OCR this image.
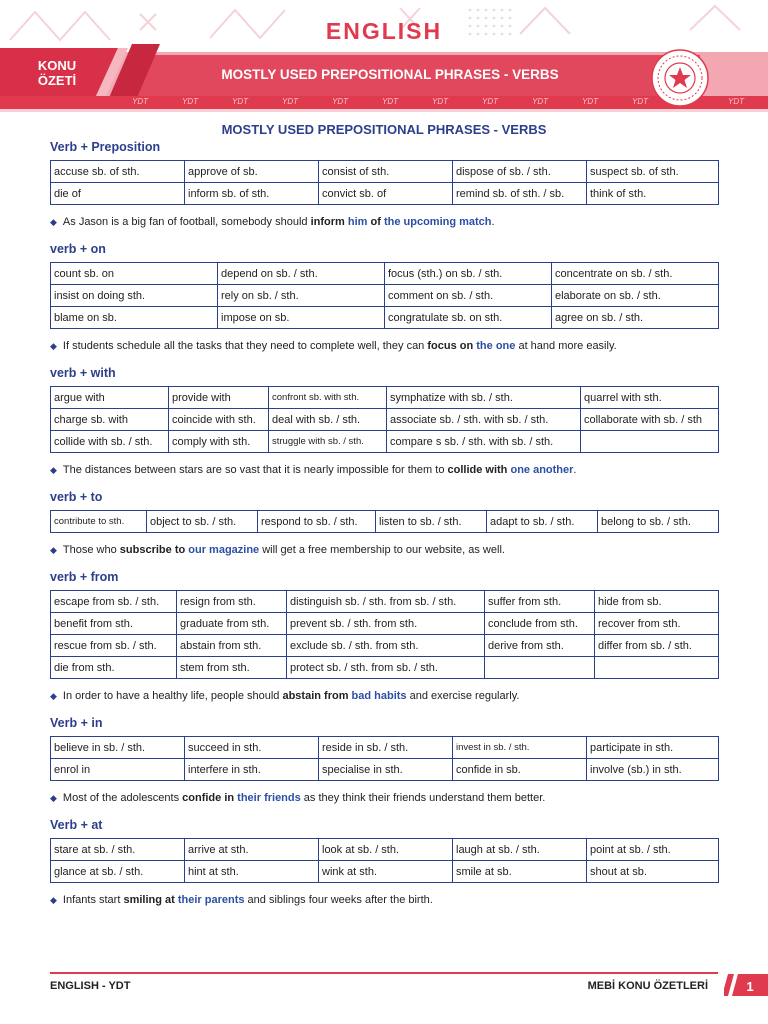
ENGLISH
KONU
ÖZETİ	MOSTLY USED PREPOSITIONAL PHRASES - VERBS
YDT	YDT	YDT	YDT	YDT	YDT	YDT	YDT	YDT	YDT	YDT	YDT
MOSTLY USED PREPOSITIONAL PHRASES - VERBS
Verb + Preposition
accuse sb. of sth.	approve of sb.	consist of sth.	dispose of sb. / sth.	suspect sb. of sth.
die of	inform sb. of sth.	convict sb. of	remind sb. of sth. / sb.	think of sth.
◆ As Jason is a big fan of football, somebody should inform him of the upcoming match.
verb + on
count sb. on	depend on sb. / sth.	focus (sth.) on sb. / sth.	concentrate on sb. / sth.
insist on doing sth.	rely on sb. / sth.	comment on sb. / sth.	elaborate on sb. / sth.
blame on sb.	impose on sb.	congratulate sb. on sth.	agree on sb. / sth.
◆ If students schedule all the tasks that they need to complete well, they can focus on the one at hand more easily.
verb + with
argue with	provide with	confront sb. with sth.	symphatize with sb. / sth.	quarrel with sth.
charge sb. with	coincide with sth.	deal with sb. / sth.	associate sb. / sth. with sb. / sth.	collaborate with sb. / sth
collide with sb. / sth.	comply with sth.	struggle with sb. / sth.	compare s sb. / sth. with sb. / sth.	
◆ The distances between stars are so vast that it is nearly impossible for them to collide with one another.
verb + to
contribute to sth.	object to sb. / sth.	respond to sb. / sth.	listen to sb. / sth.	adapt to sb. / sth.	belong to sb. / sth.
◆ Those who subscribe to our magazine will get a free membership to our website, as well.
verb + from
escape from sb. / sth.	resign from sth.	distinguish sb. / sth. from sb. / sth.	suffer from sth.	hide from sb.
benefit from sth.	graduate from sth.	prevent sb. / sth. from sth.	conclude from sth.	recover from sth.
rescue from sb. / sth.	abstain from sth.	exclude sb. / sth. from sth.	derive from sth.	differ from sb. / sth.
die from sth.	stem from sth.	protect sb. / sth. from sb. / sth.		
◆ In order to have a healthy life, people should abstain from bad habits and exercise regularly.
Verb + in
believe in sb. / sth.	succeed in sth.	reside in sb. / sth.	invest in sb. / sth.	participate in sth.
enrol in	interfere in sth.	specialise in sth.	confide in sb.	involve (sb.) in sth.
◆ Most of the adolescents confide in their friends as they think their friends understand them better.
Verb + at
stare at sb. / sth.	arrive at sth.	look at sb. / sth.	laugh at sb. / sth.	point at sb. / sth.
glance at sb. / sth.	hint at sth.	wink at sth.	smile at sb.	shout at sb.
◆ Infants start smiling at their parents and siblings four weeks after the birth.
ENGLISH - YDT	MEBİ KONU ÖZETLERİ	1
